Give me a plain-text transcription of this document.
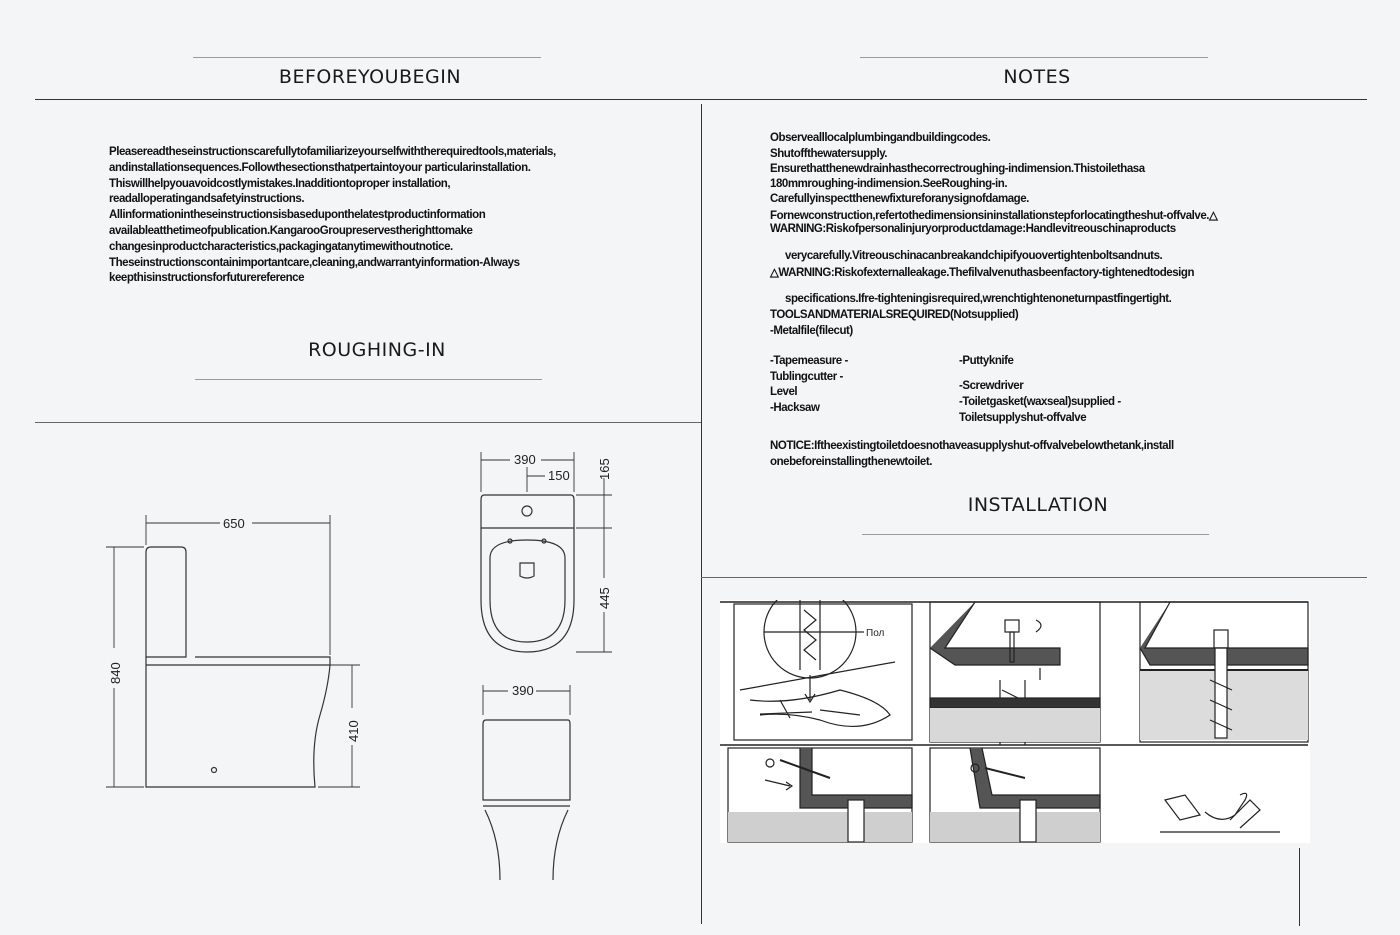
BEFOREYOUBEGIN	NOTES
Pleasereadtheseinstructionscarefullytofamiliarizeyourselfwiththerequiredtools,materials,
andinstallationsequences.Followthesectionsthatpertaintoyour particularinstallation.
Thiswillhelpyouavoidcostlymistakes.Inadditiontoproper installation,
readalloperatingandsafetyinstructions.
Allinformationintheseinstructionsisbaseduponthelatestproductinformation
availableatthetimeofpublication.KangarooGroupreservestherighttomake
changesinproductcharacteristics,packagingatanytimewithoutnotice.
Theseinstructionscontainimportantcare,cleaning,andwarrantyinformation-Always
keepthisinstructionsforfuturereference
ROUGHING-IN
Observealllocalplumbingandbuildingcodes.
Shutoffthewatersupply.
Ensurethatthenewdrainhasthecorrectroughing-indimension.Thistoilethasa
180mmroughing-indimension.SeeRoughing-in.
Carefullyinspectthenewfixtureforanysignofdamage.
Fornewconstruction,refertothedimensionsininstallationstepforlocatingtheshut-offvalve.△
WARNING:Riskofpersonalinjuryorproductdamage:Handlevitreouschinaproducts
verycarefully.Vitreouschinacanbreakandchipifyouovertightenboltsandnuts.
△WARNING:Riskofexternalleakage.Thefilvalvenuthasbeenfactory-tightenedtodesign
specifications.Ifre-tighteningisrequired,wrenchtightenoneturnpastfingertight.
TOOLSANDMATERIALSREQUIRED(Notsupplied)
-Metalfile(filecut)
-Tapemeasure -
Tublingcutter -
Level
-Hacksaw
-Puttyknife
-Screwdriver
-Toiletgasket(waxseal)supplied -
Toiletsupplyshut-offvalve
NOTICE:Iftheexistingtoiletdoesnothaveasupplyshut-offvalvebelowthetank,install
onebeforeinstallingthenewtoilet.
INSTALLATION
650
840
410
390
150 165
445
390
Пол
